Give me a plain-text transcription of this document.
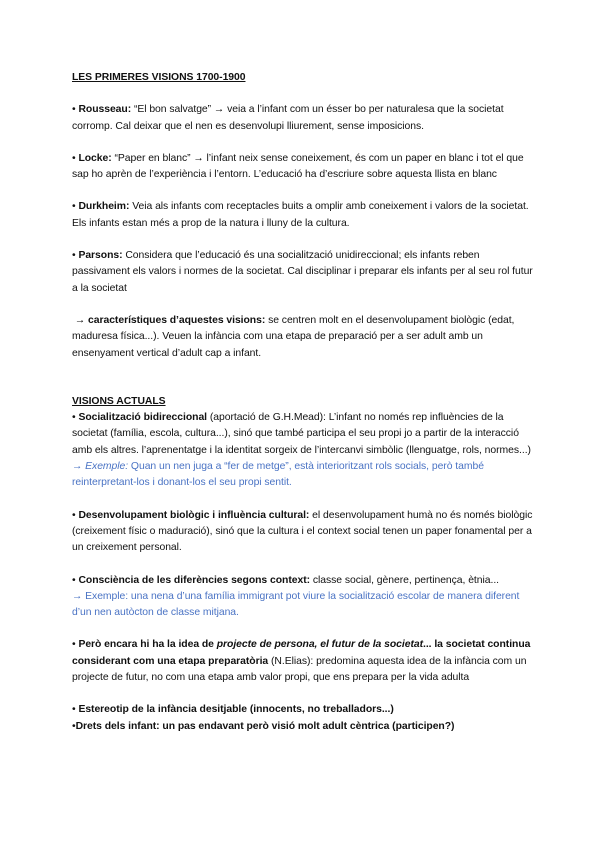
LES PRIMERES VISIONS 1700-1900

• Rousseau: “El bon salvatge” → veia a l’infant com un ésser bo per naturalesa que la societat corromp. Cal deixar que el nen es desenvolupi lliurement, sense imposicions.

• Locke: “Paper en blanc” → l’infant neix sense coneixement, és com un paper en blanc i tot el que sap ho aprèn de l’experiència i l’entorn. L’educació ha d’escriure sobre aquesta llista en blanc

• Durkheim: Veia als infants com receptacles buits a omplir amb coneixement i valors de la societat. Els infants estan més a prop de la natura i lluny de la cultura.

• Parsons: Considera que l’educació és una socialització unidireccional; els infants reben passivament els valors i normes de la societat. Cal disciplinar i preparar els infants per al seu rol futur a la societat

→ característiques d’aquestes visions: se centren molt en el desenvolupament biològic (edat, maduresa física...). Veuen la infància com una etapa de preparació per a ser adult amb un ensenyament vertical d’adult cap a infant.

VISIONS ACTUALS

• Socialització bidireccional (aportació de G.H.Mead): L’infant no només rep influències de la societat (família, escola, cultura...), sinó que també participa el seu propi jo a partir de la interacció amb els altres. l’aprenentatge i la identitat sorgeix de l’intercanvi simbòlic (llenguatge, rols, normes...)

→ Exemple: Quan un nen juga a “fer de metge”, està interioritzant rols socials, però també reinterpretant-los i donant-los el seu propi sentit.

• Desenvolupament biològic i influència cultural: el desenvolupament humà no és només biològic (creixement físic o maduració), sinó que la cultura i el context social tenen un paper fonamental per a un creixement personal.

• Consciència de les diferències segons context: classe social, gènere, pertinença, ètnia...

→ Exemple: una nena d’una família immigrant pot viure la socialització escolar de manera diferent d’un nen autòcton de classe mitjana.

• Però encara hi ha la idea de projecte de persona, el futur de la societat... la societat continua considerant com una etapa preparatòria (N.Elias): predomina aquesta idea de la infància com un projecte de futur, no com una etapa amb valor propi, que ens prepara per la vida adulta

• Estereotip de la infància desitjable (innocents, no treballadors...)

•Drets dels infant: un pas endavant però visió molt adult cèntrica (participen?)
